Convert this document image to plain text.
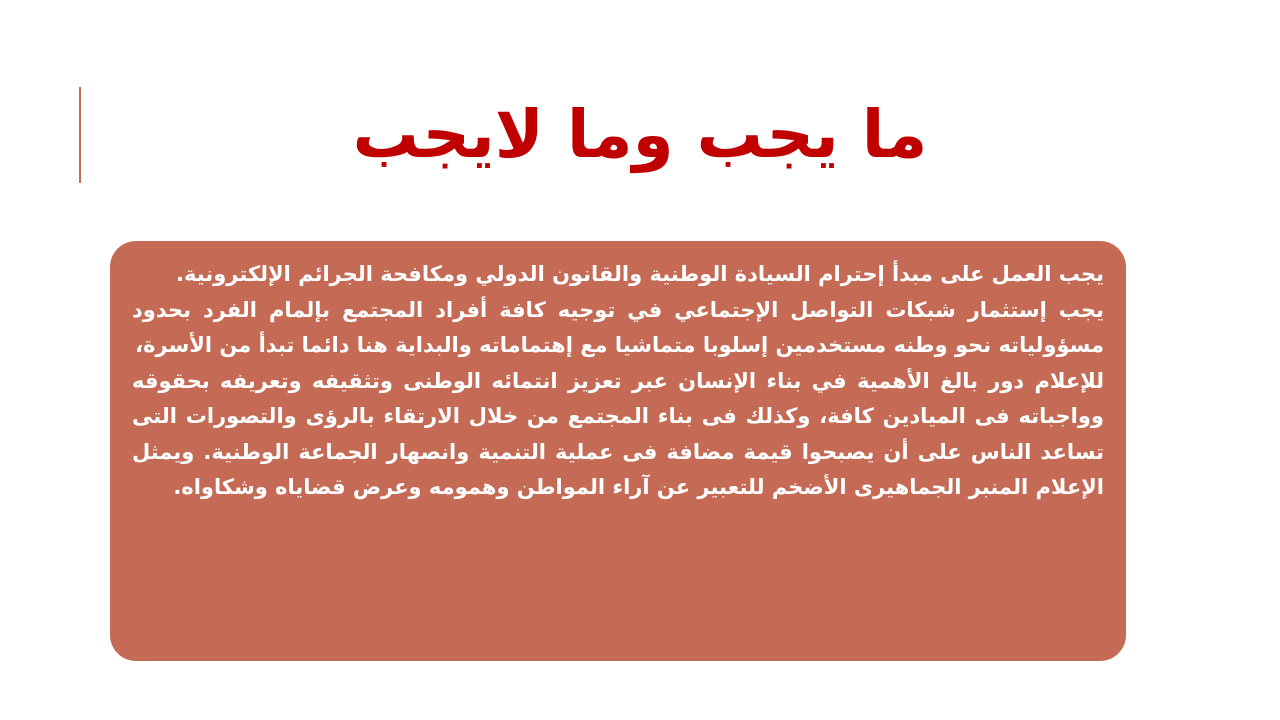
ما يجب وما لايجب

يجب العمل على مبدأ إحترام السيادة الوطنية والقانون الدولي ومكافحة الجرائم الإلكترونية.

يجب إستثمار شبكات التواصل الإجتماعي في توجيه كافة أفراد المجتمع بإلمام الفرد بحدود مسؤولياته نحو وطنه مستخدمين إسلوبا متماشيا مع إهتماماته والبداية هنا دائما تبدأ من الأسرة،

للإعلام دور بالغ الأهمية في بناء الإنسان عبر تعزيز انتمائه الوطنى وتثقيفه وتعريفه بحقوقه وواجباته فى الميادين كافة، وكذلك فى بناء المجتمع من خلال الارتقاء بالرؤى والتصورات التى تساعد الناس على أن يصبحوا قيمة مضافة فى عملية التنمية وانصهار الجماعة الوطنية. ويمثل الإعلام المنبر الجماهيرى الأضخم للتعبير عن آراء المواطن وهمومه وعرض قضاياه وشكاواه.
